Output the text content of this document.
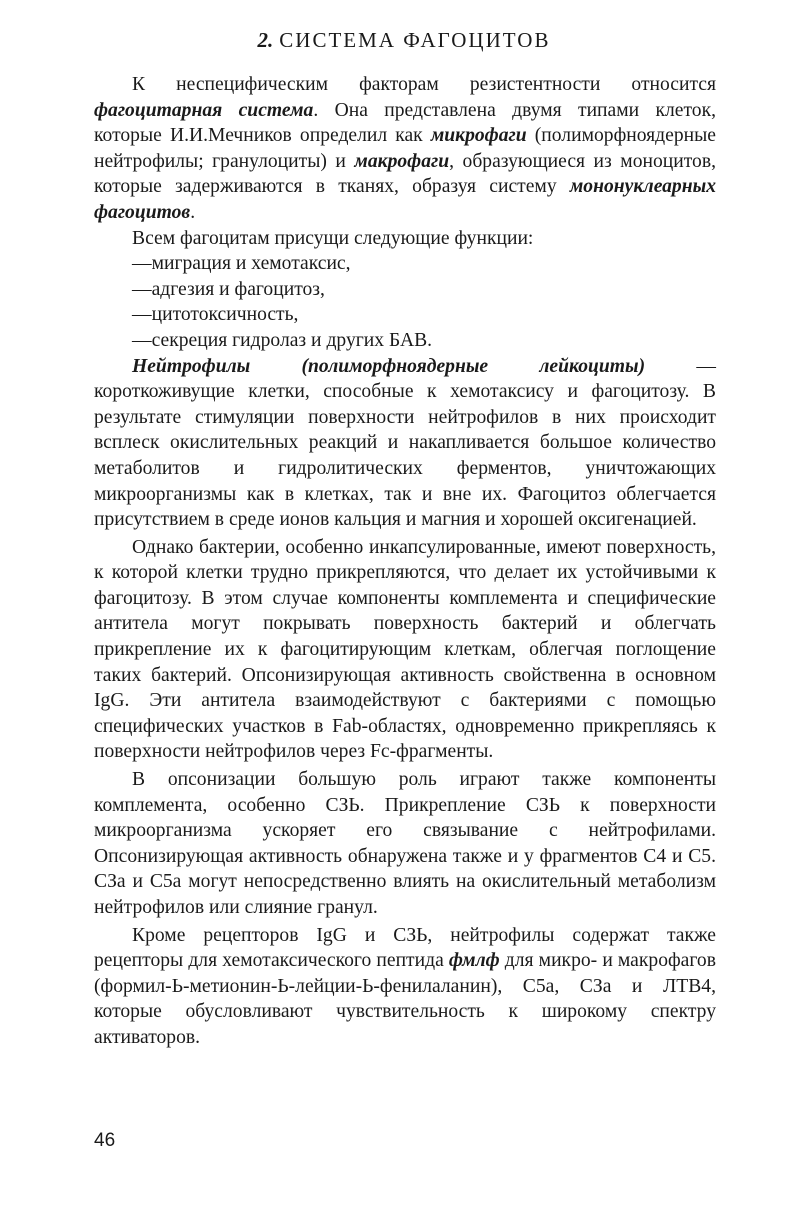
2. СИСТЕМА ФАГОЦИТОВ

К неспецифическим факторам резистентности относится фагоцитарная система. Она представлена двумя типами клеток, которые И.И.Мечников определил как микрофаги (полиморфноядерные нейтрофилы; гранулоциты) и макрофаги, образующиеся из моноцитов, которые задерживаются в тканях, образуя систему мононуклеарных фагоцитов.

Всем фагоцитам присущи следующие функции:

—миграция и хемотаксис,

—адгезия и фагоцитоз,

—цитотоксичность,

—секреция гидролаз и других БАВ.

Нейтрофилы (полиморфноядерные лейкоциты) —короткоживущие клетки, способные к хемотаксису и фагоцитозу. В результате стимуляции поверхности нейтрофилов в них происходит всплеск окислительных реакций и накапливается большое количество метаболитов и гидролитических ферментов, уничтожающих микроорганизмы как в клетках, так и вне их. Фагоцитоз облегчается присутствием в среде ионов кальция и магния и хорошей оксигенацией.

Однако бактерии, особенно инкапсулированные, имеют поверхность, к которой клетки трудно прикрепляются, что делает их устойчивыми к фагоцитозу. В этом случае компоненты комплемента и специфические антитела могут покрывать поверхность бактерий и облегчать прикрепление их к фагоцитирующим клеткам, облегчая поглощение таких бактерий. Опсонизирующая активность свойственна в основном IgG. Эти антитела взаимодействуют с бактериями с помощью специфических участков в Fab-областях, одновременно прикрепляясь к поверхности нейтрофилов через Fc-фрагменты.

В опсонизации большую роль играют также компоненты комплемента, особенно СЗЬ. Прикрепление СЗЬ к поверхности микроорганизма ускоряет его связывание с нейтрофилами. Опсонизирующая активность обнаружена также и у фрагментов С4 и С5. СЗа и С5а могут непосредственно влиять на окислительный метаболизм нейтрофилов или слияние гранул.

Кроме рецепторов IgG и СЗЬ, нейтрофилы содержат также рецепторы для хемотаксического пептида фмлф для микро- и макрофагов (формил-Ь-метионин-Ь-лейции-Ь-фенилаланин), С5а, СЗа и ЛТВ4, которые обусловливают чувствительность к широкому спектру активаторов.

46
